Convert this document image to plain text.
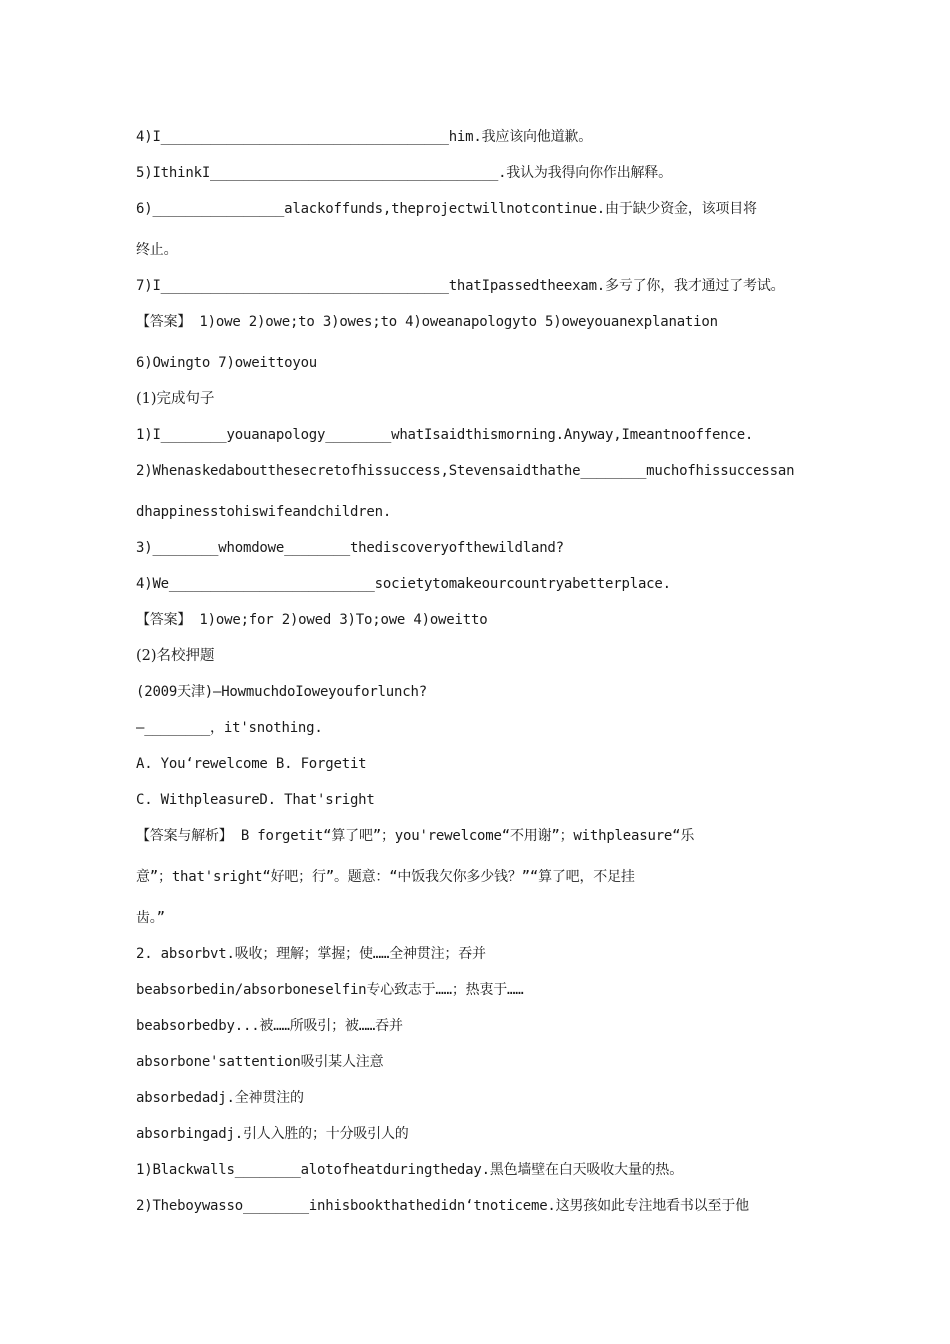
4)I___________________________________him.我应该向他道歉。
5)IthinkI___________________________________.我认为我得向你作出解释。
6)________________alackoffunds,theprojectwillnotcontinue.由于缺少资金，该项目将
终止。
7)I___________________________________thatIpassedtheexam.多亏了你，我才通过了考试。
【答案】 1)owe 2)owe;to 3)owes;to 4)oweanapologyto 5)oweyouanexplanation
6)Owingto 7)oweittoyou
(1)完成句子
1)I________youanapology________whatIsaidthismorning.Anyway,Imeantnooffence.
2)Whenaskedaboutthesecretofhissuccess,Stevensaidthathe________muchofhissuccessan
dhappinesstohiswifeandchildren.
3)________whomdowe________thediscoveryofthewildland?
4)We_________________________societytomakeourcountryabetterplace.
【答案】 1)owe;for 2)owed 3)To;owe 4)oweitto
(2)名校押题
(2009天津)—HowmuchdoIoweyouforlunch?
—________，it'snothing.
A. You‘rewelcome B. Forgetit
C. WithpleasureD. That'sright
【答案与解析】 B forgetit“算了吧”；you'rewelcome“不用谢”；withpleasure“乐
意”；that'sright“好吧；行”。题意：“中饭我欠你多少钱？”“算了吧，不足挂
齿。”
2. absorbvt.吸收；理解；掌握；使……全神贯注；吞并
beabsorbedin/absorboneselfin专心致志于……；热衷于……
beabsorbedby...被……所吸引；被……吞并
absorbone'sattention吸引某人注意
absorbedadj.全神贯注的
absorbingadj.引人入胜的；十分吸引人的
1)Blackwalls________alotofheatduringtheday.黑色墙壁在白天吸收大量的热。
2)Theboywasso________inhisbookthathedidn‘tnoticeme.这男孩如此专注地看书以至于他
